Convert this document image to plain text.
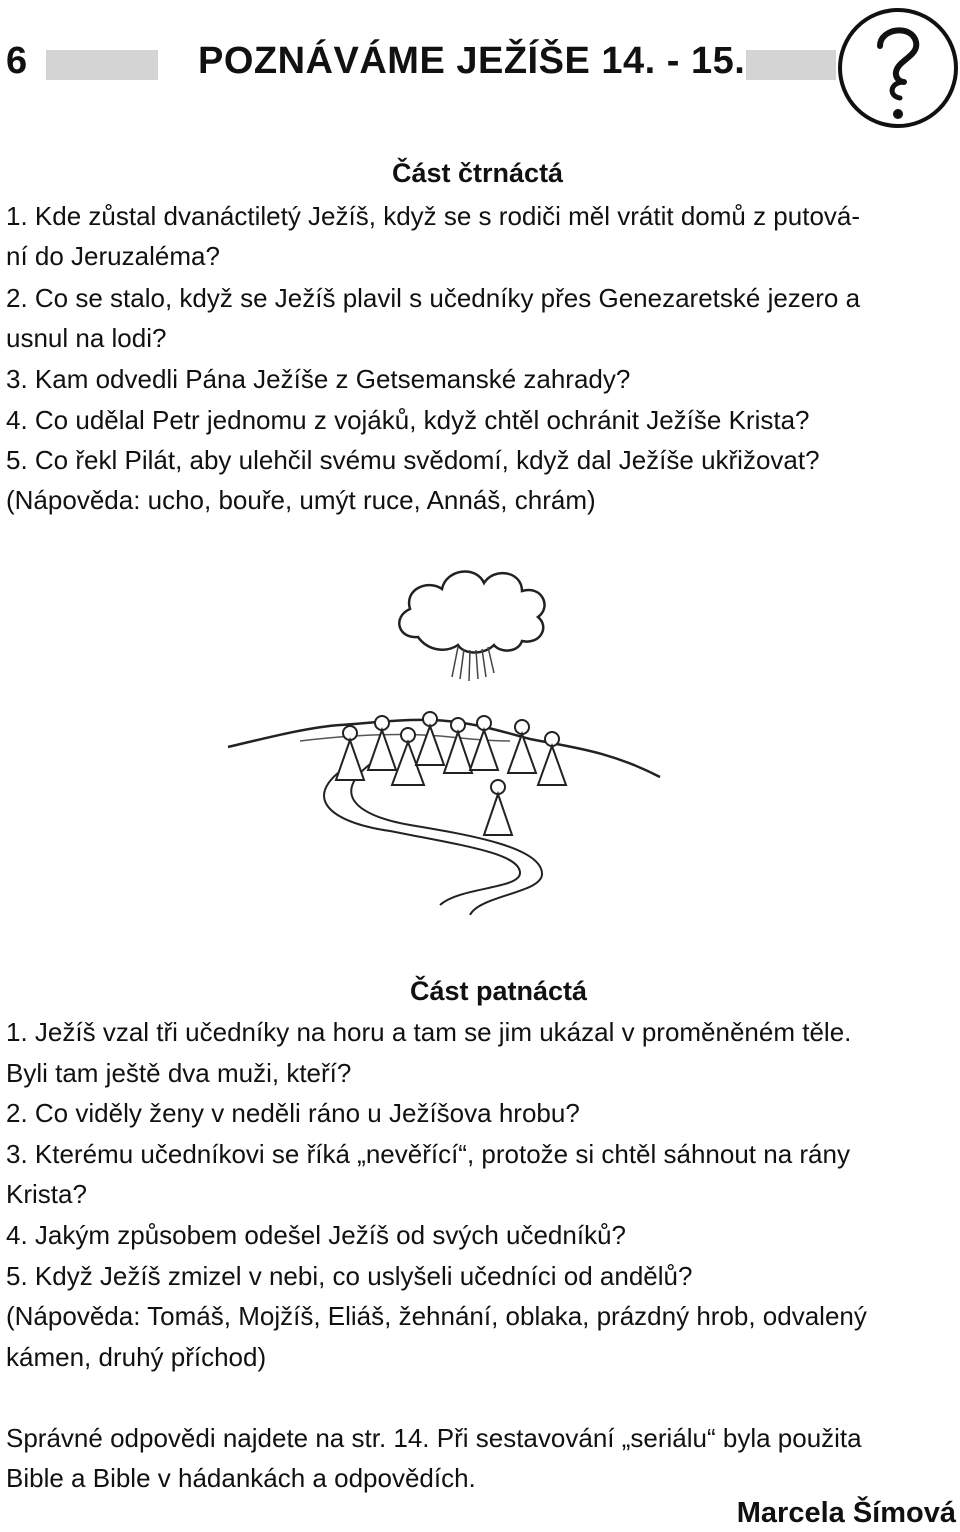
6	POZNÁVÁME JEŽÍŠE 14. - 15.
Část čtrnáctá
1. Kde zůstal dvanáctiletý Ježíš, když se s rodiči měl vrátit domů z putová-
ní do Jeruzaléma?
2. Co se stalo, když se Ježíš plavil s učedníky přes Genezaretské jezero a
usnul na lodi?
3. Kam odvedli Pána Ježíše z Getsemanské zahrady?
4. Co udělal Petr jednomu z vojáků, když chtěl ochránit Ježíše Krista?
5. Co řekl Pilát, aby ulehčil svému svědomí, když dal Ježíše ukřižovat?
(Nápověda: ucho, bouře, umýt ruce, Annáš, chrám)
Část patnáctá
1. Ježíš vzal tři učedníky na horu a tam se jim ukázal v proměněném těle.
Byli tam ještě dva muži, kteří?
2. Co viděly ženy v neděli ráno u Ježíšova hrobu?
3. Kterému učedníkovi se říká „nevěřící“, protože si chtěl sáhnout na rány
Krista?
4. Jakým způsobem odešel Ježíš od svých učedníků?
5. Když Ježíš zmizel v nebi, co uslyšeli učedníci od andělů?
(Nápověda: Tomáš, Mojžíš, Eliáš, žehnání, oblaka, prázdný hrob, odvalený
kámen, druhý příchod)
Správné odpovědi najdete na str. 14. Při sestavování „seriálu“ byla použita
Bible a Bible v hádankách a odpovědích.
Marcela Šímová
